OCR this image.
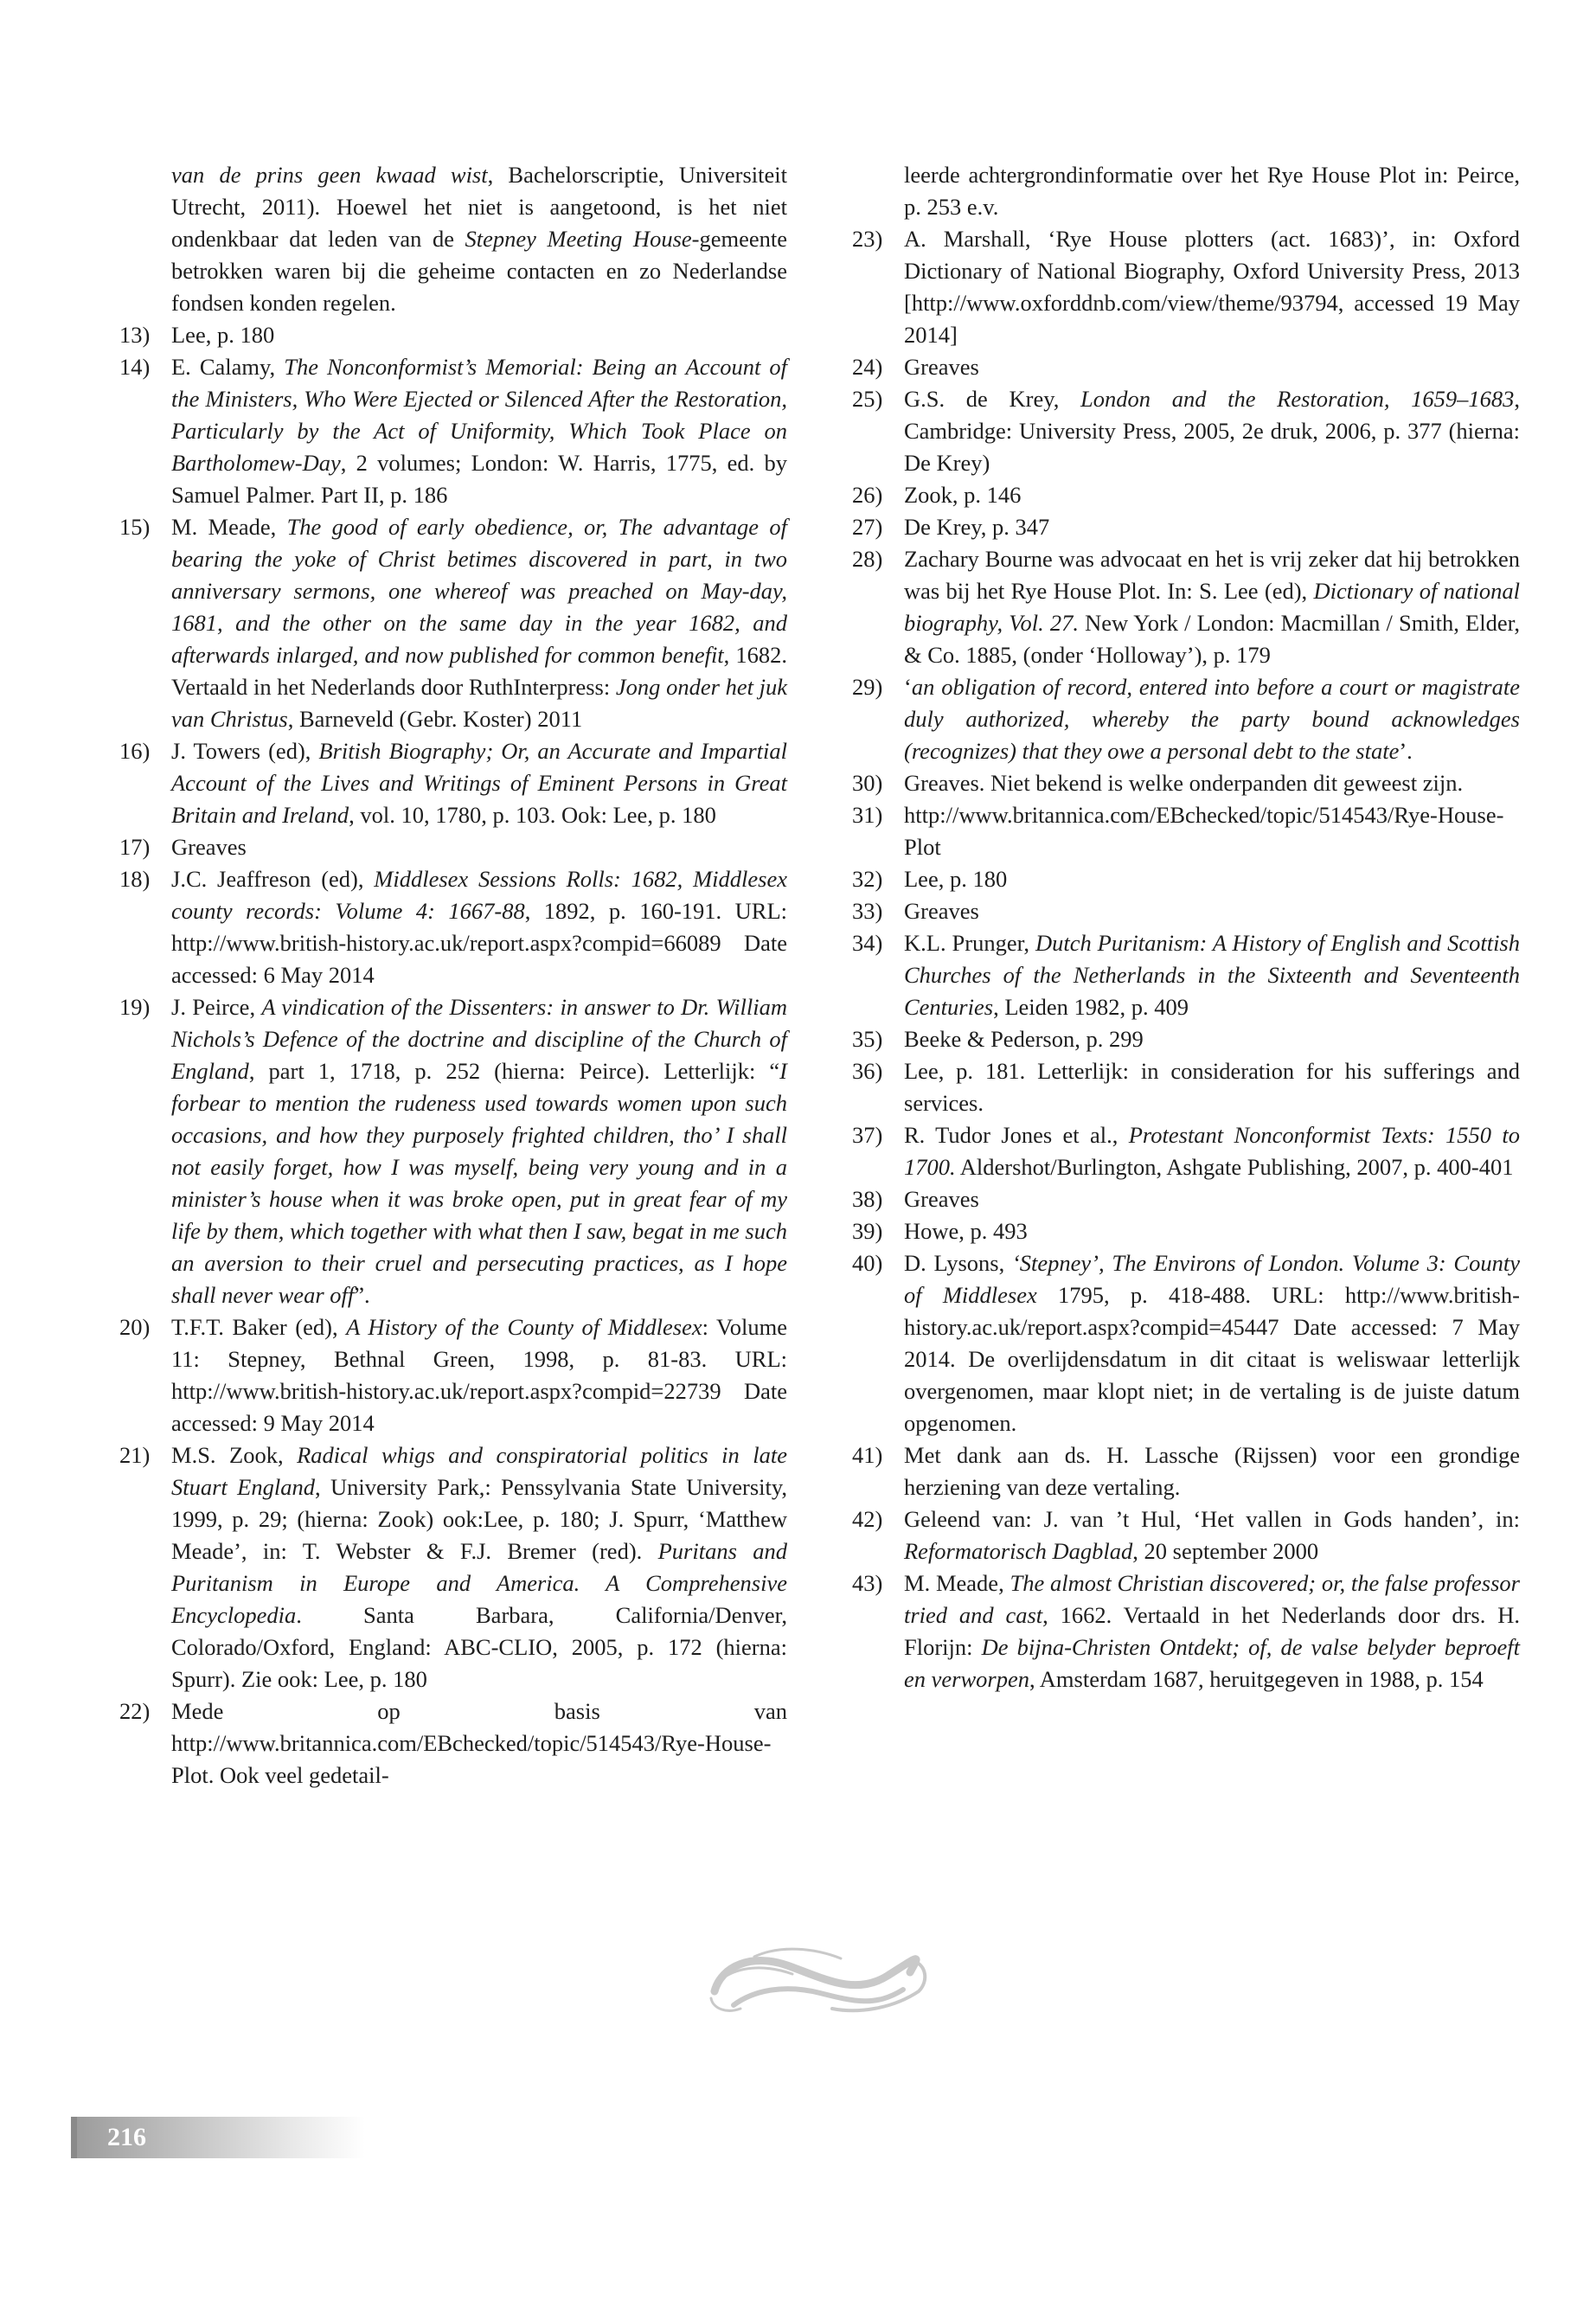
van de prins geen kwaad wist, Bachelorscriptie, Universiteit Utrecht, 2011). Hoewel het niet is aangetoond, is het niet ondenkbaar dat leden van de Stepney Meeting House-gemeente betrokken waren bij die geheime contacten en zo Nederlandse fondsen konden regelen.
13) Lee, p. 180
14) E. Calamy, The Nonconformist’s Memorial: Being an Account of the Ministers, Who Were Ejected or Silenced After the Restoration, Particularly by the Act of Uniformity, Which Took Place on Bartholomew-Day, 2 volumes; London: W. Harris, 1775, ed. by Samuel Palmer. Part II, p. 186
15) M. Meade, The good of early obedience, or, The advantage of bearing the yoke of Christ betimes discovered in part, in two anniversary sermons, one whereof was preached on May-day, 1681, and the other on the same day in the year 1682, and afterwards inlarged, and now published for common benefit, 1682. Vertaald in het Nederlands door RuthInterpress: Jong onder het juk van Christus, Barneveld (Gebr. Koster) 2011
16) J. Towers (ed), British Biography; Or, an Accurate and Impartial Account of the Lives and Writings of Eminent Persons in Great Britain and Ireland, vol. 10, 1780, p. 103. Ook: Lee, p. 180
17) Greaves
18) J.C. Jeaffreson (ed), Middlesex Sessions Rolls: 1682, Middlesex county records: Volume 4: 1667-88, 1892, p. 160-191. URL: http://www.british-history.ac.uk/report.aspx?compid=66089 Date accessed: 6 May 2014
19) J. Peirce, A vindication of the Dissenters: in answer to Dr. William Nichols’s Defence of the doctrine and discipline of the Church of England, part 1, 1718, p. 252 (hierna: Peirce). Letterlijk: “I forbear to mention the rudeness used towards women upon such occasions, and how they purposely frighted children, tho’ I shall not easily forget, how I was myself, being very young and in a minister’s house when it was broke open, put in great fear of my life by them, which together with what then I saw, begat in me such an aversion to their cruel and persecuting practices, as I hope shall never wear off”.
20) T.F.T. Baker (ed), A History of the County of Middlesex: Volume 11: Stepney, Bethnal Green, 1998, p. 81-83. URL: http://www.british-history.ac.uk/report.aspx?compid=22739 Date accessed: 9 May 2014
21) M.S. Zook, Radical whigs and conspiratorial politics in late Stuart England, University Park,: Penssylvania State University, 1999, p. 29; (hierna: Zook) ook:Lee, p. 180; J. Spurr, ‘Matthew Meade’, in: T. Webster & F.J. Bremer (red). Puritans and Puritanism in Europe and America. A Comprehensive Encyclopedia. Santa Barbara, California/Denver, Colorado/Oxford, England: ABC-CLIO, 2005, p. 172 (hierna: Spurr). Zie ook: Lee, p. 180
22) Mede op basis van http://www.britannica.com/EBchecked/topic/514543/Rye-House-Plot. Ook veel gedetail-
leerde achtergrondinformatie over het Rye House Plot in: Peirce, p. 253 e.v.
23) A. Marshall, ‘Rye House plotters (act. 1683)’, in: Oxford Dictionary of National Biography, Oxford University Press, 2013 [http://www.oxforddnb.com/view/theme/93794, accessed 19 May 2014]
24) Greaves
25) G.S. de Krey, London and the Restoration, 1659–1683, Cambridge: University Press, 2005, 2e druk, 2006, p. 377 (hierna: De Krey)
26) Zook, p. 146
27) De Krey, p. 347
28) Zachary Bourne was advocaat en het is vrij zeker dat hij betrokken was bij het Rye House Plot. In: S. Lee (ed), Dictionary of national biography, Vol. 27. New York / London: Macmillan / Smith, Elder, & Co. 1885, (onder ‘Holloway’), p. 179
29) ‘an obligation of record, entered into before a court or magistrate duly authorized, whereby the party bound acknowledges (recognizes) that they owe a personal debt to the state’.
30) Greaves. Niet bekend is welke onderpanden dit geweest zijn.
31) http://www.britannica.com/EBchecked/topic/514543/Rye-House-Plot
32) Lee, p. 180
33) Greaves
34) K.L. Prunger, Dutch Puritanism: A History of English and Scottish Churches of the Netherlands in the Sixteenth and Seventeenth Centuries, Leiden 1982, p. 409
35) Beeke & Pederson, p. 299
36) Lee, p. 181. Letterlijk: in consideration for his sufferings and services.
37) R. Tudor Jones et al., Protestant Nonconformist Texts: 1550 to 1700. Aldershot/Burlington, Ashgate Publishing, 2007, p. 400-401
38) Greaves
39) Howe, p. 493
40) D. Lysons, ‘Stepney’, The Environs of London. Volume 3: County of Middlesex 1795, p. 418-488. URL: http://www.british-history.ac.uk/report.aspx?compid=45447 Date accessed: 7 May 2014. De overlijdensdatum in dit citaat is weliswaar letterlijk overgenomen, maar klopt niet; in de vertaling is de juiste datum opgenomen.
41) Met dank aan ds. H. Lassche (Rijssen) voor een grondige herziening van deze vertaling.
42) Geleend van: J. van ’t Hul, ‘Het vallen in Gods handen’, in: Reformatorisch Dagblad, 20 september 2000
43) M. Meade, The almost Christian discovered; or, the false professor tried and cast, 1662. Vertaald in het Nederlands door drs. H. Florijn: De bijna-Christen Ontdekt; of, de valse belyder beproeft en verworpen, Amsterdam 1687, heruitgegeven in 1988, p. 154
216
